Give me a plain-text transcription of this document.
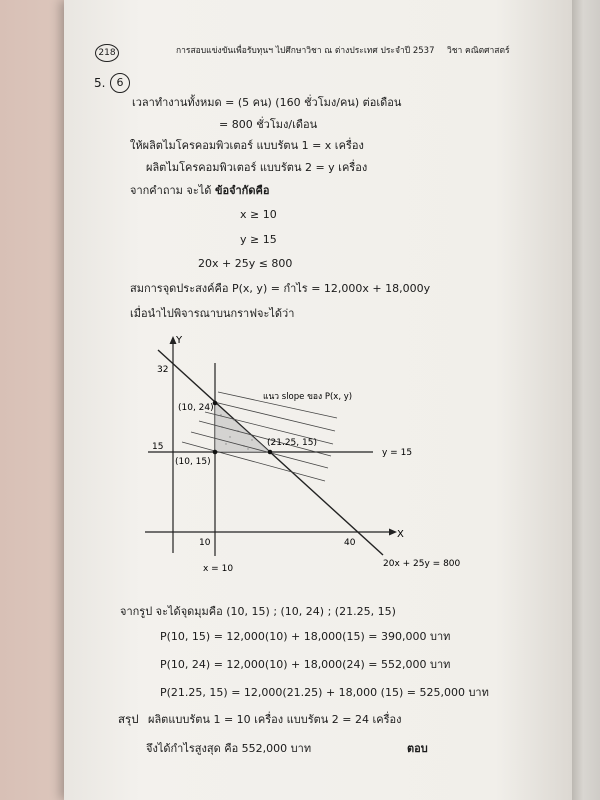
218	การสอบแข่งขันเพื่อรับทุนฯ ไปศึกษาวิชา ณ ต่างประเทศ ประจำปี 2537 วิชา คณิตศาสตร์
5.	6
เวลาทำงานทั้งหมด = (5 คน) (160 ชั่วโมง/คน) ต่อเดือน
= 800 ชั่วโมง/เดือน
ให้ผลิตไมโครคอมพิวเตอร์ แบบรัตน 1 = x เครื่อง
ผลิตไมโครคอมพิวเตอร์ แบบรัตน 2 = y เครื่อง
จากคำถาม จะได้ ข้อจำกัดคือ
x ≥ 10
y ≥ 15
20x + 25y ≤ 800
สมการจุดประสงค์คือ P(x, y) = กำไร = 12,000x + 18,000y
เมื่อนำไปพิจารณาบนกราฟจะได้ว่า
Y
X
32
15
10	40
(10, 24)
(10, 15)
(21.25, 15)
แนว slope ของ P(x, y)
y = 15
x = 10	20x + 25y = 800
จากรูป จะได้จุดมุมคือ (10, 15) ; (10, 24) ; (21.25, 15)
P(10, 15) = 12,000(10) + 18,000(15) = 390,000 บาท
P(10, 24) = 12,000(10) + 18,000(24) = 552,000 บาท
P(21.25, 15) = 12,000(21.25) + 18,000 (15) = 525,000 บาท
สรุป ผลิตแบบรัตน 1 = 10 เครื่อง แบบรัตน 2 = 24 เครื่อง
จึงได้กำไรสูงสุด คือ 552,000 บาท	ตอบ
